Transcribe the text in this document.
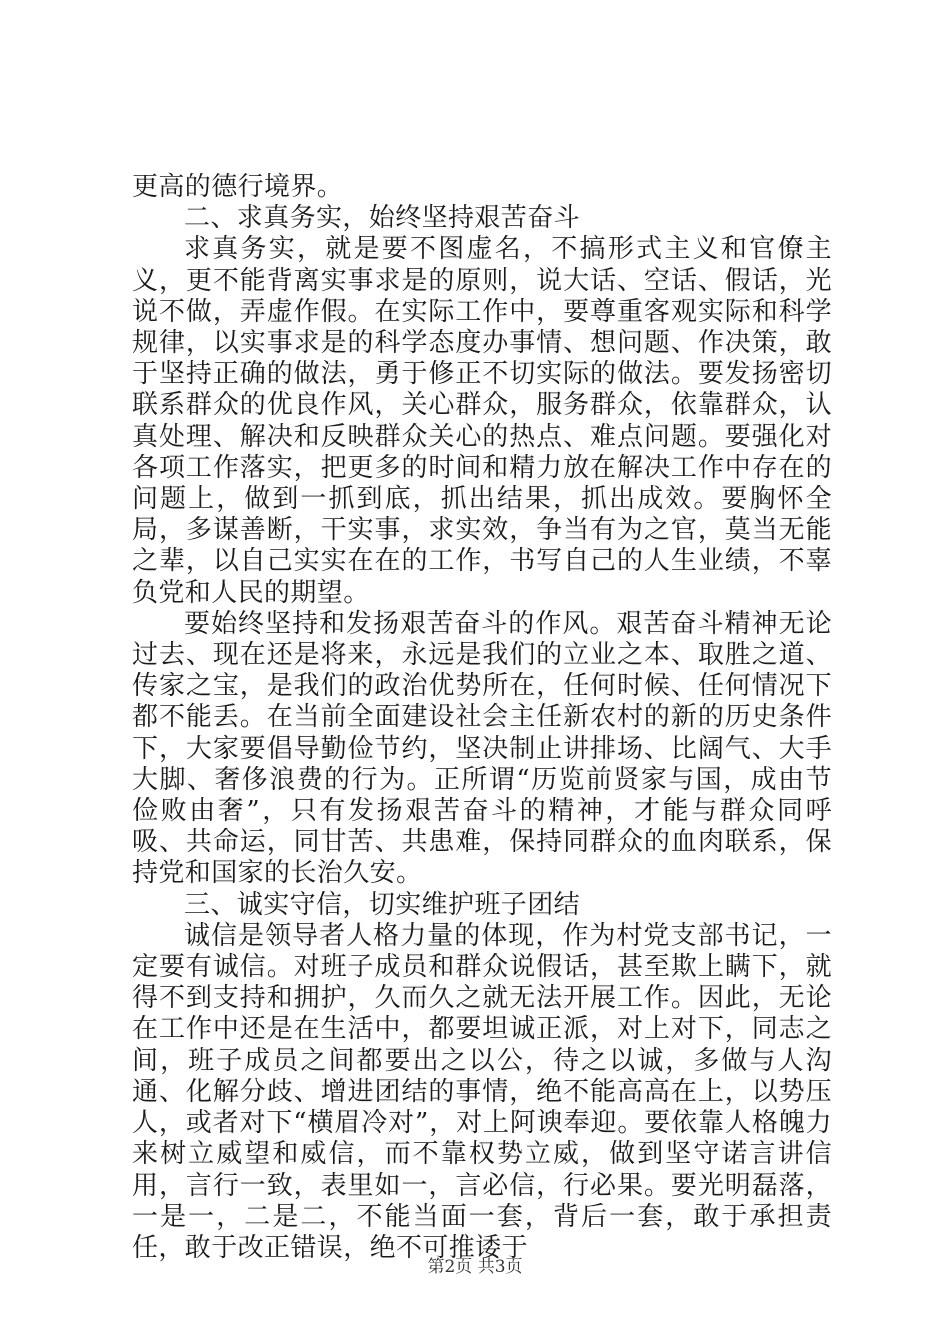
更高的德行境界。

二、求真务实，始终坚持艰苦奋斗

求真务实，就是要不图虚名，不搞形式主义和官僚主义，更不能背离实事求是的原则，说大话、空话、假话，光说不做，弄虚作假。在实际工作中，要尊重客观实际和科学规律，以实事求是的科学态度办事情、想问题、作决策，敢于坚持正确的做法，勇于修正不切实际的做法。要发扬密切联系群众的优良作风，关心群众，服务群众，依靠群众，认真处理、解决和反映群众关心的热点、难点问题。要强化对各项工作落实，把更多的时间和精力放在解决工作中存在的问题上，做到一抓到底，抓出结果，抓出成效。要胸怀全局，多谋善断，干实事，求实效，争当有为之官，莫当无能之辈，以自己实实在在的工作，书写自己的人生业绩，不辜负党和人民的期望。

要始终坚持和发扬艰苦奋斗的作风。艰苦奋斗精神无论过去、现在还是将来，永远是我们的立业之本、取胜之道、传家之宝，是我们的政治优势所在，任何时候、任何情况下都不能丢。在当前全面建设社会主任新农村的新的历史条件下，大家要倡导勤俭节约，坚决制止讲排场、比阔气、大手大脚、奢侈浪费的行为。正所谓“历览前贤家与国，成由节俭败由奢”，只有发扬艰苦奋斗的精神，才能与群众同呼吸、共命运，同甘苦、共患难，保持同群众的血肉联系，保持党和国家的长治久安。

三、诚实守信，切实维护班子团结

诚信是领导者人格力量的体现，作为村党支部书记，一定要有诚信。对班子成员和群众说假话，甚至欺上瞒下，就得不到支持和拥护，久而久之就无法开展工作。因此，无论在工作中还是在生活中，都要坦诚正派，对上对下，同志之间，班子成员之间都要出之以公，待之以诚，多做与人沟通、化解分歧、增进团结的事情，绝不能高高在上，以势压人，或者对下“横眉冷对”，对上阿谀奉迎。要依靠人格魄力来树立威望和威信，而不靠权势立威，做到坚守诺言讲信用，言行一致，表里如一，言必信，行必果。要光明磊落，一是一，二是二，不能当面一套，背后一套，敢于承担责任，敢于改正错误，绝不可推诿于

第2页 共3页
